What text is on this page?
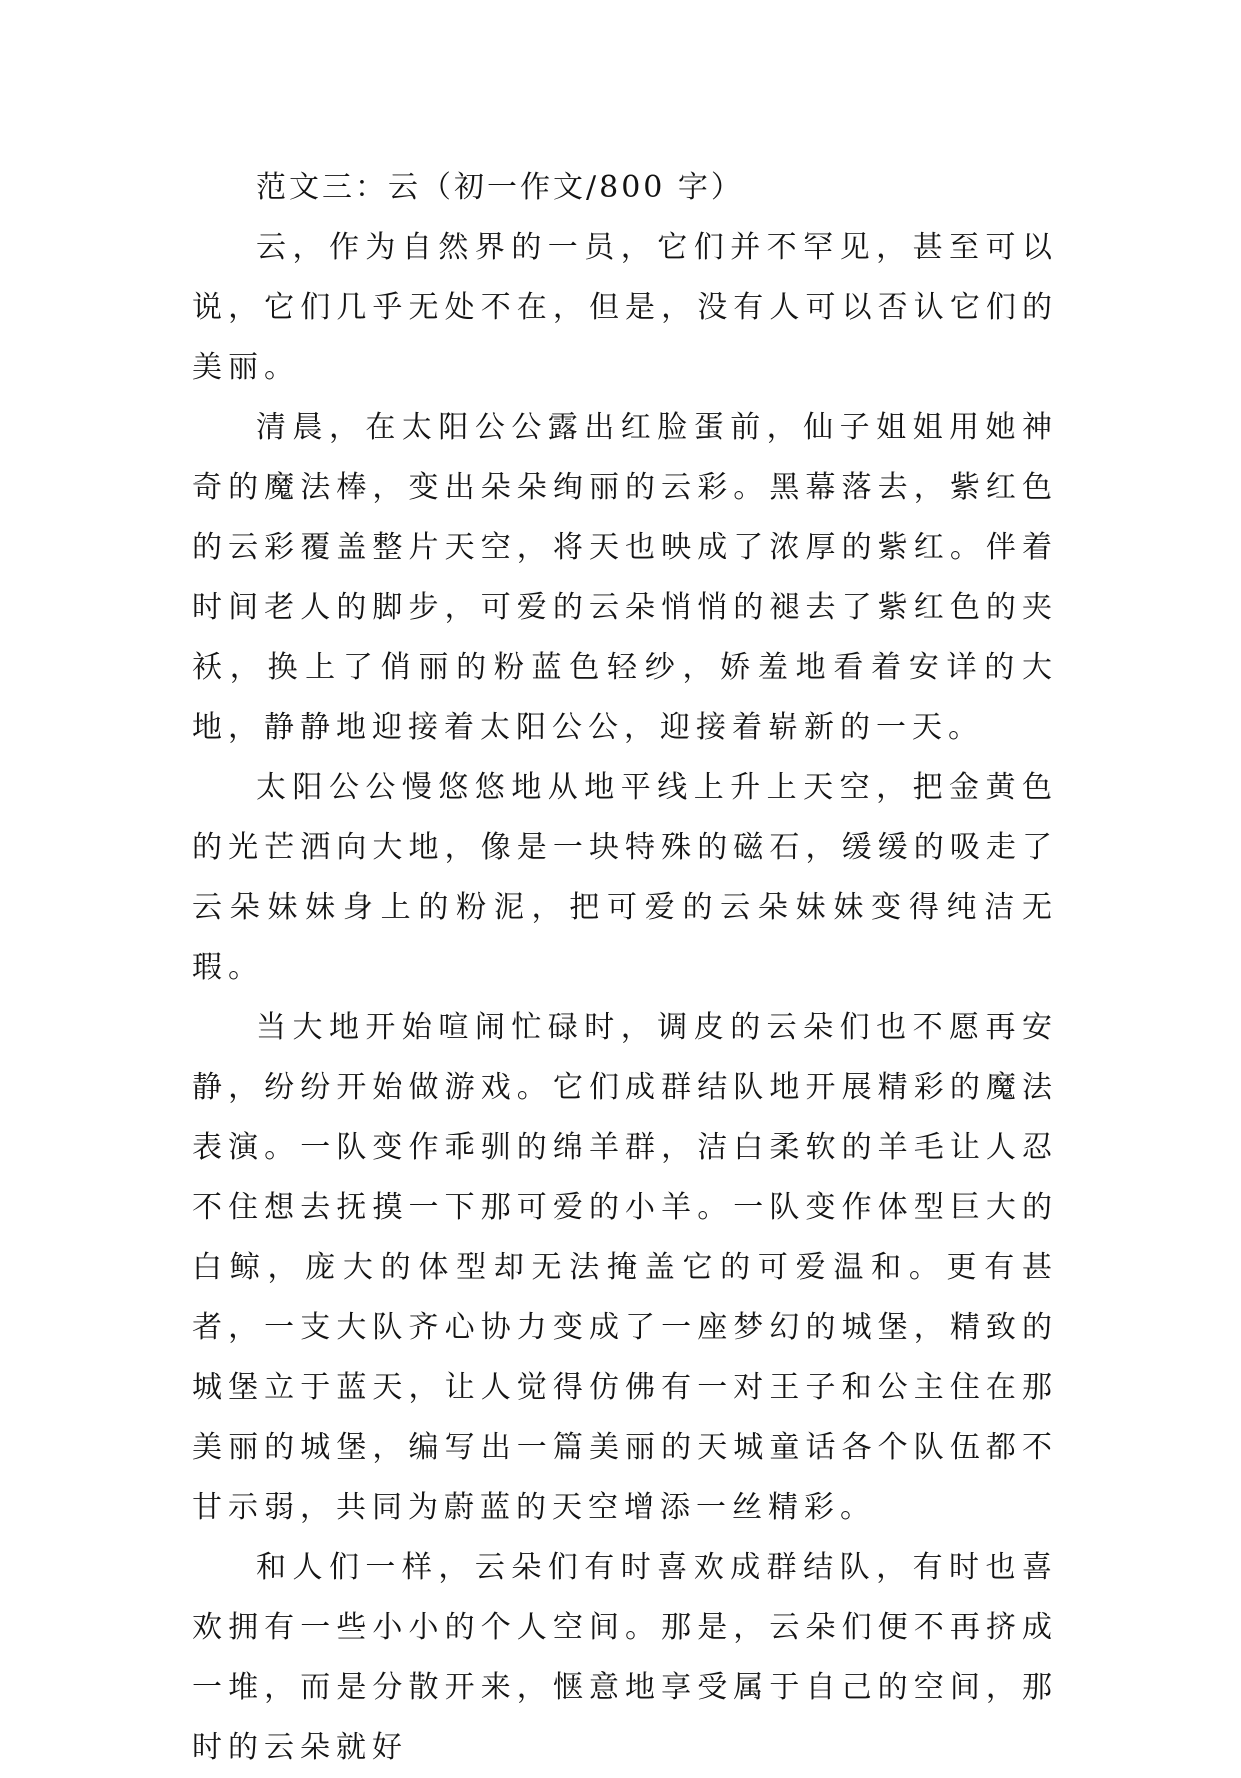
范文三：云（初一作文/800 字）

云，作为自然界的一员，它们并不罕见，甚至可以说，它们几乎无处不在，但是，没有人可以否认它们的美丽。

清晨，在太阳公公露出红脸蛋前，仙子姐姐用她神奇的魔法棒，变出朵朵绚丽的云彩。黑幕落去，紫红色的云彩覆盖整片天空，将天也映成了浓厚的紫红。伴着时间老人的脚步，可爱的云朵悄悄的褪去了紫红色的夹袄，换上了俏丽的粉蓝色轻纱，娇羞地看着安详的大地，静静地迎接着太阳公公，迎接着崭新的一天。

太阳公公慢悠悠地从地平线上升上天空，把金黄色的光芒洒向大地，像是一块特殊的磁石，缓缓的吸走了云朵妹妹身上的粉泥，把可爱的云朵妹妹变得纯洁无瑕。

当大地开始喧闹忙碌时，调皮的云朵们也不愿再安静，纷纷开始做游戏。它们成群结队地开展精彩的魔法表演。一队变作乖驯的绵羊群，洁白柔软的羊毛让人忍不住想去抚摸一下那可爱的小羊。一队变作体型巨大的白鲸，庞大的体型却无法掩盖它的可爱温和。更有甚者，一支大队齐心协力变成了一座梦幻的城堡，精致的城堡立于蓝天，让人觉得仿佛有一对王子和公主住在那美丽的城堡，编写出一篇美丽的天城童话各个队伍都不甘示弱，共同为蔚蓝的天空增添一丝精彩。

和人们一样，云朵们有时喜欢成群结队，有时也喜欢拥有一些小小的个人空间。那是，云朵们便不再挤成一堆，而是分散开来，惬意地享受属于自己的空间，那时的云朵就好
